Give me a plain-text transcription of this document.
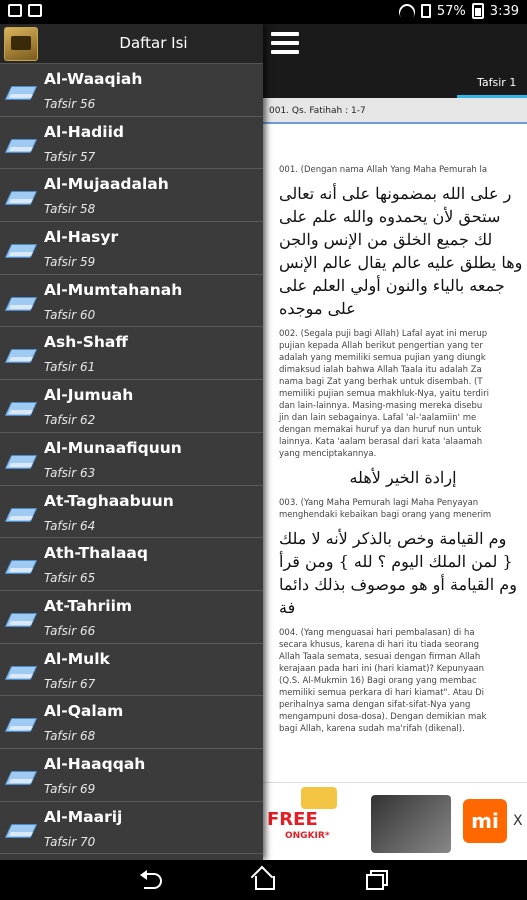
57% 3:39
Tafsir 1
001. Qs. Fatihah : 1-7
001. (Dengan nama Allah Yang Maha Pemurah la
ر على الله بمضمونها على أنه تعالى
ستحق لأن يحمدوه والله علم على
لك جميع الخلق من الإنس والجن
وها يطلق عليه عالم يقال عالم الإنس
جمعه بالياء والنون أولي العلم على
على موجده
002. (Segala puji bagi Allah) Lafal ayat ini merup
pujian kepada Allah berikut pengertian yang ter
adalah yang memiliki semua pujian yang diungk
dimaksud ialah bahwa Allah Taala itu adalah Za
nama bagi Zat yang berhak untuk disembah. (T
memiliki pujian semua makhluk-Nya, yaitu terdiri
dan lain-lainnya. Masing-masing mereka disebu
jin dan lain sebagainya. Lafal 'al-'aalamiin' me
dengan memakai huruf ya dan huruf nun untuk
lainnya. Kata 'aalam berasal dari kata 'alaamah
yang menciptakannya.
إرادة الخير لأهله
003. (Yang Maha Pemurah lagi Maha Penyayan
menghendaki kebaikan bagi orang yang menerim
وم القيامة وخص بالذكر لأنه لا ملك
{ لمن الملك اليوم ؟ لله } ومن قرأ
وم القيامة أو هو موصوف بذلك دائما
فة
004. (Yang menguasai hari pembalasan) di ha
secara khusus, karena di hari itu tiada seorang
Allah Taala semata, sesuai dengan firman Allah
kerajaan pada hari ini (hari kiamat)? Kepunyaan
(Q.S. Al-Mukmin 16) Bagi orang yang membac
memiliki semua perkara di hari kiamat". Atau Di
perihalnya sama dengan sifat-sifat-Nya yang
mengampuni dosa-dosa). Dengan demikian mak
bagi Allah, karena sudah ma'rifah (dikenal).
FREE
ONGKIR*
mi	X
Daftar Isi
Al-Waaqiah
Tafsir 56
Al-Hadiid
Tafsir 57
Al-Mujaadalah
Tafsir 58
Al-Hasyr
Tafsir 59
Al-Mumtahanah
Tafsir 60
Ash-Shaff
Tafsir 61
Al-Jumuah
Tafsir 62
Al-Munaafiquun
Tafsir 63
At-Taghaabuun
Tafsir 64
Ath-Thalaaq
Tafsir 65
At-Tahriim
Tafsir 66
Al-Mulk
Tafsir 67
Al-Qalam
Tafsir 68
Al-Haaqqah
Tafsir 69
Al-Maarij
Tafsir 70
